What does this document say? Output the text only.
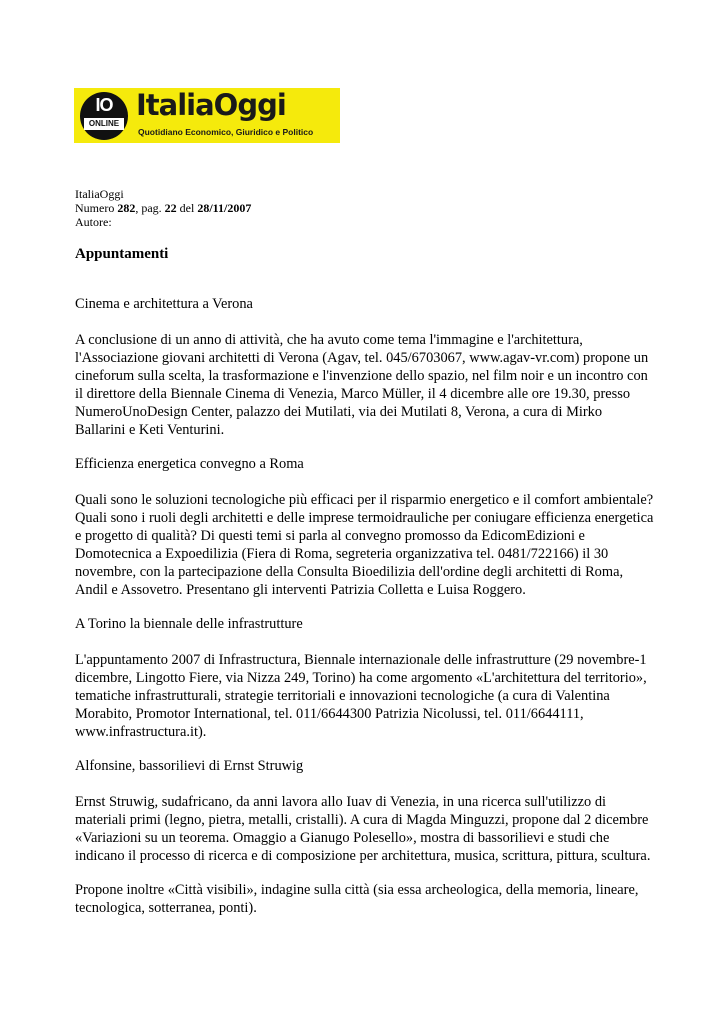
IO
ONLINE
ItaliaOggi
Quotidiano Economico, Giuridico e Politico
ItaliaOggi
Numero 282, pag. 22 del 28/11/2007
Autore:
Appuntamenti

Cinema e architettura a Verona

A conclusione di un anno di attività, che ha avuto come tema l'immagine e l'architettura, l'Associazione giovani architetti di Verona (Agav, tel. 045/6703067, www.agav-vr.com) propone un cineforum sulla scelta, la trasformazione e l'invenzione dello spazio, nel film noir e un incontro con il direttore della Biennale Cinema di Venezia, Marco Müller, il 4 dicembre alle ore 19.30, presso NumeroUnoDesign Center, palazzo dei Mutilati, via dei Mutilati 8, Verona, a cura di Mirko Ballarini e Keti Venturini.

Efficienza energetica convegno a Roma

Quali sono le soluzioni tecnologiche più efficaci per il risparmio energetico e il comfort ambientale? Quali sono i ruoli degli architetti e delle imprese termoidrauliche per coniugare efficienza energetica e progetto di qualità? Di questi temi si parla al convegno promosso da EdicomEdizioni e Domotecnica a Expoedilizia (Fiera di Roma, segreteria organizzativa tel. 0481/722166) il 30 novembre, con la partecipazione della Consulta Bioedilizia dell'ordine degli architetti di Roma, Andil e Assovetro. Presentano gli interventi Patrizia Colletta e Luisa Roggero.

A Torino la biennale delle infrastrutture

L'appuntamento 2007 di Infrastructura, Biennale internazionale delle infrastrutture (29 novembre-1 dicembre, Lingotto Fiere, via Nizza 249, Torino) ha come argomento «L'architettura del territorio», tematiche infrastrutturali, strategie territoriali e innovazioni tecnologiche (a cura di Valentina Morabito, Promotor International, tel. 011/6644300 Patrizia Nicolussi, tel. 011/6644111, www.infrastructura.it).

Alfonsine, bassorilievi di Ernst Struwig

Ernst Struwig, sudafricano, da anni lavora allo Iuav di Venezia, in una ricerca sull'utilizzo di materiali primi (legno, pietra, metalli, cristalli). A cura di Magda Minguzzi, propone dal 2 dicembre «Variazioni su un teorema. Omaggio a Gianugo Polesello», mostra di bassorilievi e studi che indicano il processo di ricerca e di composizione per architettura, musica, scrittura, pittura, scultura.

Propone inoltre «Città visibili», indagine sulla città (sia essa archeologica, della memoria, lineare, tecnologica, sotterranea, ponti).
